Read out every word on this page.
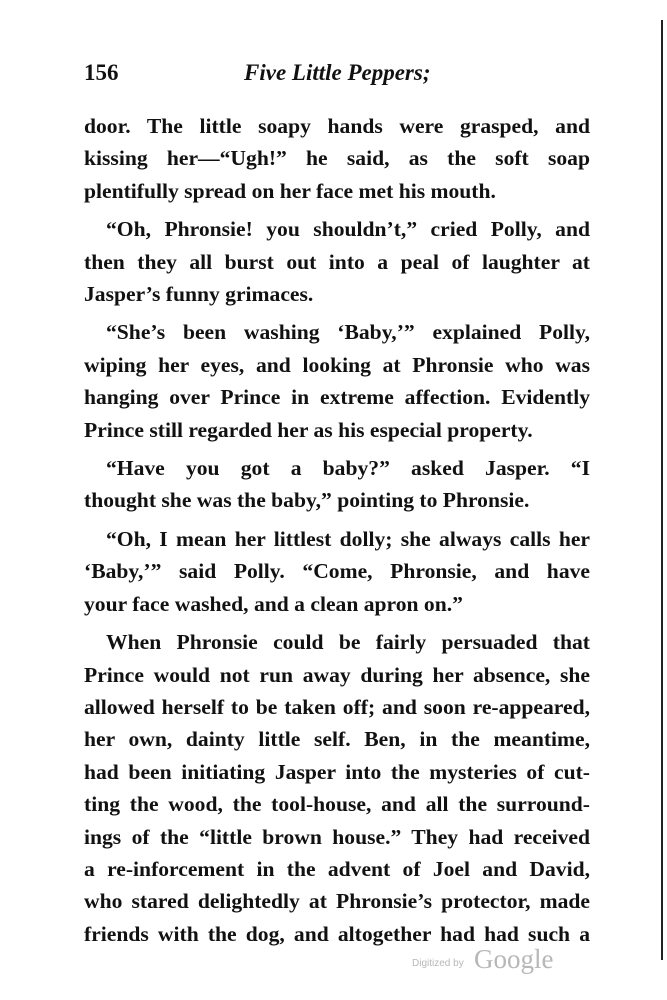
156	Five Little Peppers;

door. The little soapy hands were grasped, and

kissing her—“Ugh!” he said, as the soft soap

plentifully spread on her face met his mouth.

“Oh, Phronsie! you shouldn’t,” cried Polly, and

then they all burst out into a peal of laughter at

Jasper’s funny grimaces.

“She’s been washing ‘Baby,’” explained Polly,

wiping her eyes, and looking at Phronsie who was

hanging over Prince in extreme affection. Evidently

Prince still regarded her as his especial property.

“Have you got a baby?” asked Jasper. “I

thought she was the baby,” pointing to Phronsie.

“Oh, I mean her littlest dolly; she always calls her

‘Baby,’” said Polly. “Come, Phronsie, and have

your face washed, and a clean apron on.”

When Phronsie could be fairly persuaded that

Prince would not run away during her absence, she

allowed herself to be taken off; and soon re-appeared,

her own, dainty little self. Ben, in the meantime,

had been initiating Jasper into the mysteries of cut-

ting the wood, the tool-house, and all the surround-

ings of the “little brown house.” They had received

a re-inforcement in the advent of Joel and David,

who stared delightedly at Phronsie’s protector, made

friends with the dog, and altogether had had such a

Digitized by Google
